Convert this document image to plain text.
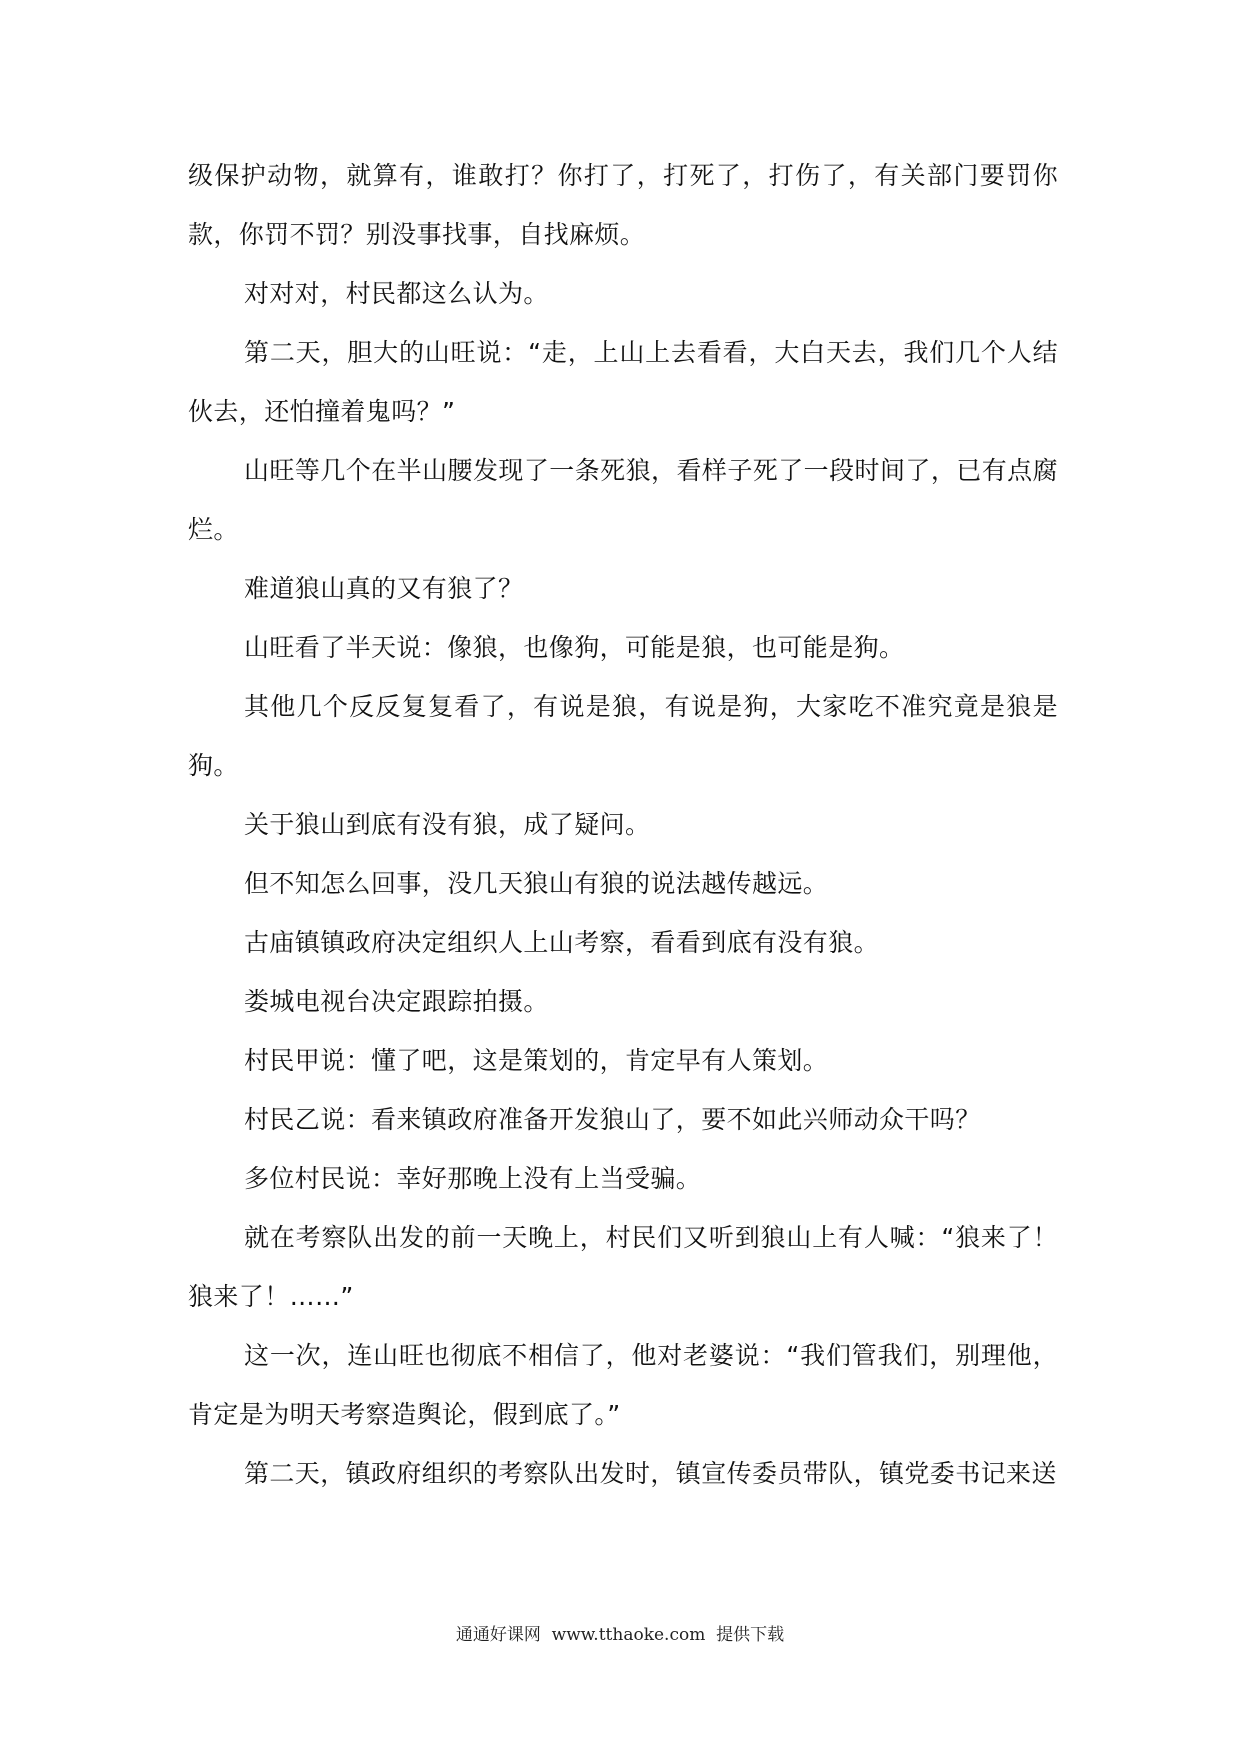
级保护动物，就算有，谁敢打？你打了，打死了，打伤了，有关部门要罚你款，你罚不罚？别没事找事，自找麻烦。

对对对，村民都这么认为。

第二天，胆大的山旺说：“走，上山上去看看，大白天去，我们几个人结伙去，还怕撞着鬼吗？”

山旺等几个在半山腰发现了一条死狼，看样子死了一段时间了，已有点腐烂。

难道狼山真的又有狼了？

山旺看了半天说：像狼，也像狗，可能是狼，也可能是狗。

其他几个反反复复看了，有说是狼，有说是狗，大家吃不准究竟是狼是狗。

关于狼山到底有没有狼，成了疑问。

但不知怎么回事，没几天狼山有狼的说法越传越远。

古庙镇镇政府决定组织人上山考察，看看到底有没有狼。

娄城电视台决定跟踪拍摄。

村民甲说：懂了吧，这是策划的，肯定早有人策划。

村民乙说：看来镇政府准备开发狼山了，要不如此兴师动众干吗？

多位村民说：幸好那晚上没有上当受骗。

就在考察队出发的前一天晚上，村民们又听到狼山上有人喊：“狼来了！狼来了！……”

这一次，连山旺也彻底不相信了，他对老婆说：“我们管我们，别理他，肯定是为明天考察造舆论，假到底了。”

第二天，镇政府组织的考察队出发时，镇宣传委员带队，镇党委书记来送

通通好课网  www.tthaoke.com  提供下载
